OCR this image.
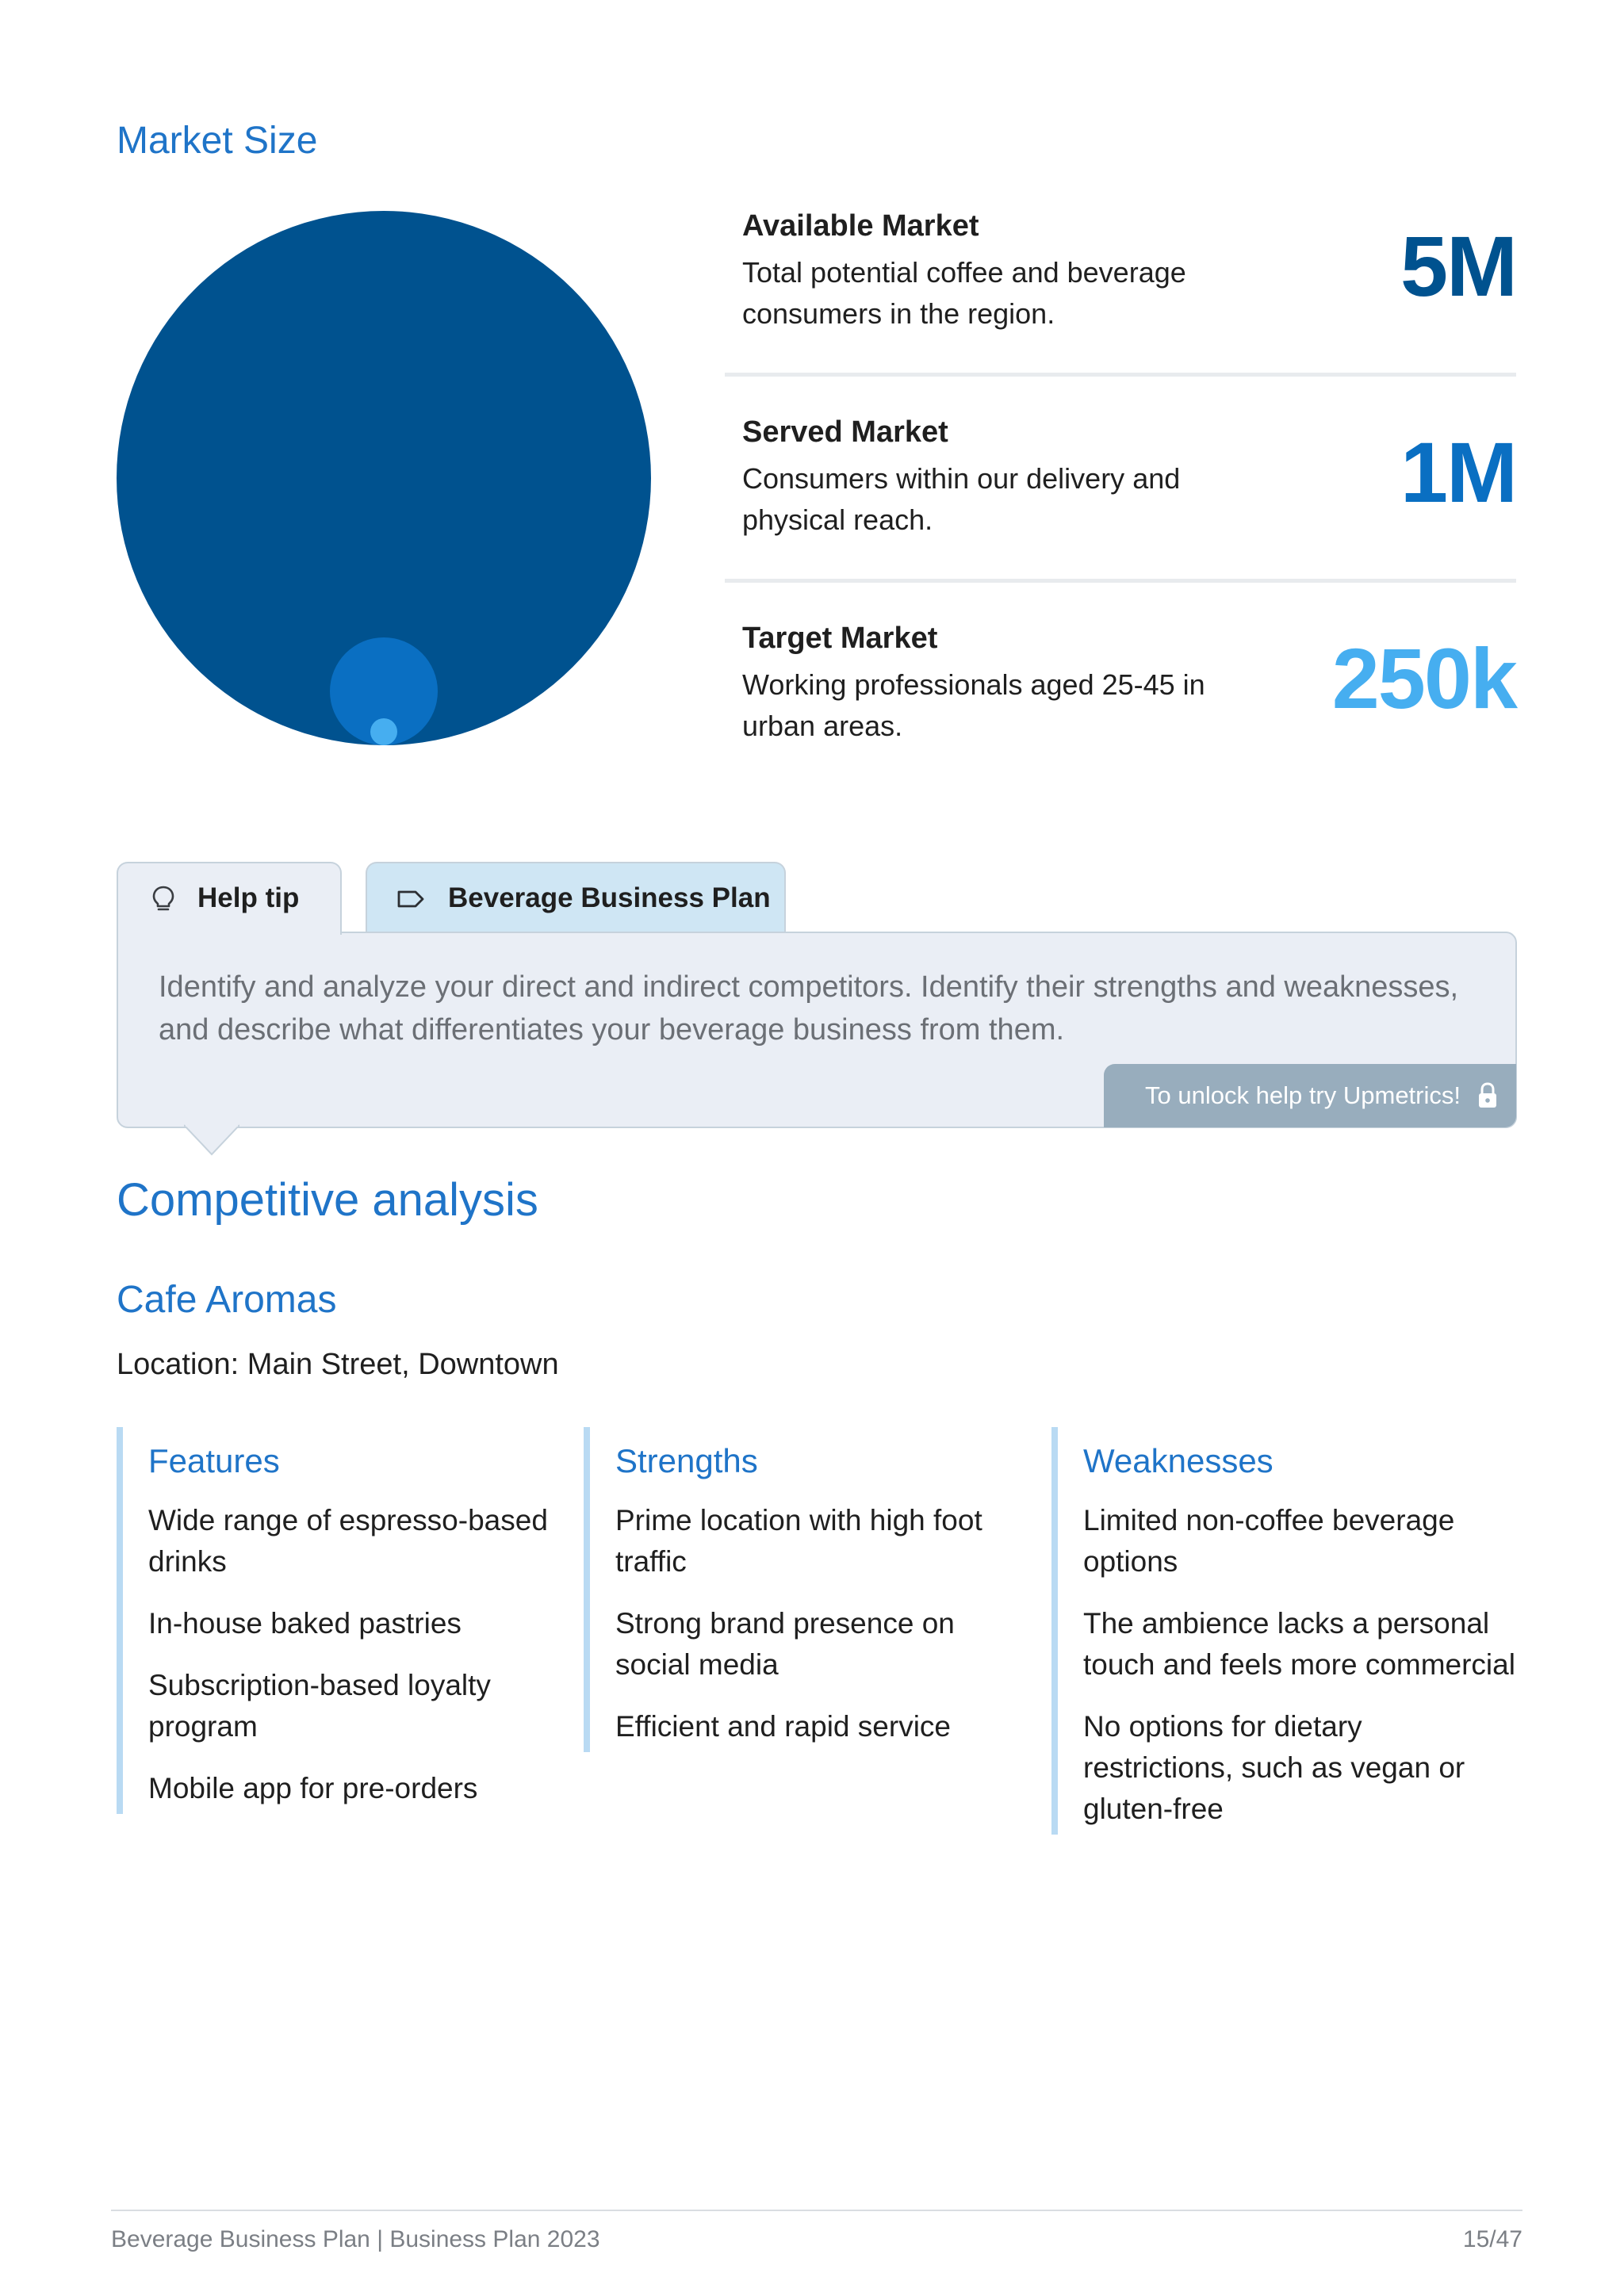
Market Size
Available Market
Total potential coffee and beverage consumers in the region.	5M
Served Market
Consumers within our delivery and physical reach.	1M
Target Market
Working professionals aged 25-45 in urban areas.	250k
Help tip	Beverage Business Plan
Identify and analyze your direct and indirect competitors. Identify their strengths and weaknesses, and describe what differentiates your beverage business from them.
To unlock help try Upmetrics!
Competitive analysis
Cafe Aromas
Location: Main Street, Downtown
Features
Wide range of espresso-based drinks
In-house baked pastries
Subscription-based loyalty program
Mobile app for pre-orders
Strengths
Prime location with high foot traffic
Strong brand presence on social media
Efficient and rapid service
Weaknesses
Limited non-coffee beverage options
The ambience lacks a personal touch and feels more commercial
No options for dietary restrictions, such as vegan or gluten-free
Beverage Business Plan | Business Plan 2023	15/47
